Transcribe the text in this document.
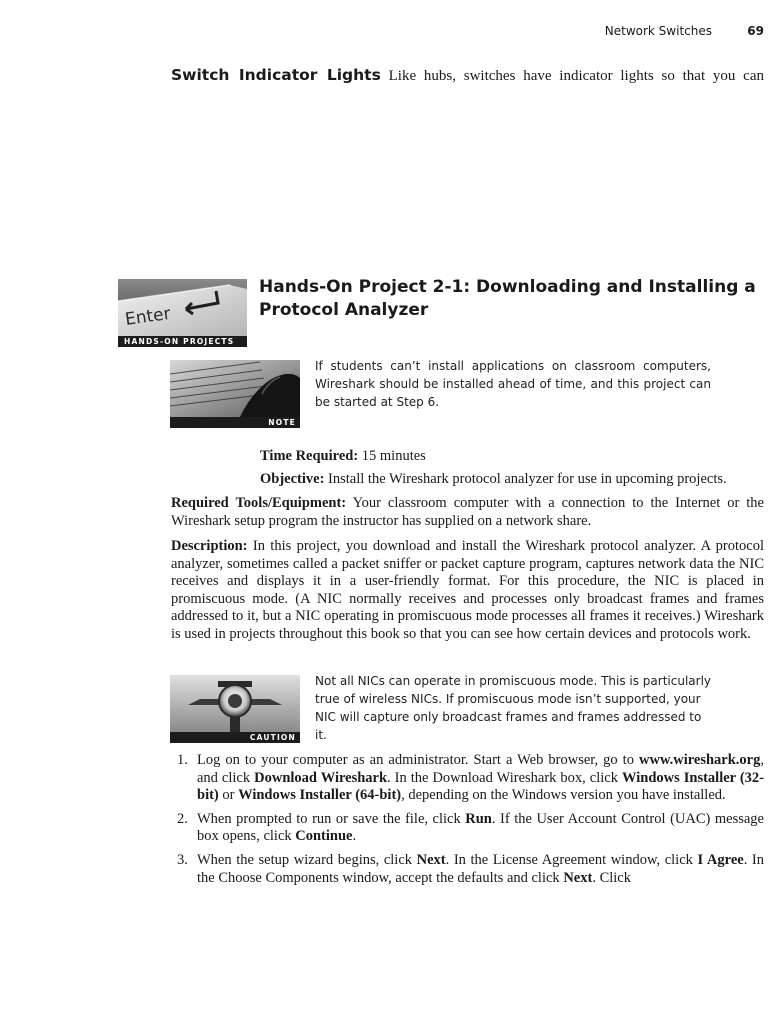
Network Switches	69
Switch Indicator Lights Like hubs, switches have indicator lights so that you can
Enter
HANDS-ON PROJECTS
Hands-On Project 2-1: Downloading and Installing a Protocol Analyzer
NOTE
If students can’t install applications on classroom computers, Wireshark should be installed ahead of time, and this project can be started at Step 6.
Time Required: 15 minutes
Objective: Install the Wireshark protocol analyzer for use in upcoming projects.
Required Tools/Equipment: Your classroom computer with a connection to the Internet or the Wireshark setup program the instructor has supplied on a network share.
Description: In this project, you download and install the Wireshark protocol analyzer. A protocol analyzer, sometimes called a packet sniffer or packet capture program, captures network data the NIC receives and displays it in a user-friendly format. For this procedure, the NIC is placed in promiscuous mode. (A NIC normally receives and processes only broadcast frames and frames addressed to it, but a NIC operating in promiscuous mode processes all frames it receives.) Wireshark is used in projects throughout this book so that you can see how certain devices and protocols work.
CAUTION
Not all NICs can operate in promiscuous mode. This is particularly true of wireless NICs. If promiscuous mode isn’t supported, your NIC will capture only broadcast frames and frames addressed to it.
1. Log on to your computer as an administrator. Start a Web browser, go to www.wireshark.org, and click Download Wireshark. In the Download Wireshark box, click Windows Installer (32-bit) or Windows Installer (64-bit), depending on the Windows version you have installed.
2. When prompted to run or save the file, click Run. If the User Account Control (UAC) message box opens, click Continue.
3. When the setup wizard begins, click Next. In the License Agreement window, click I Agree. In the Choose Components window, accept the defaults and click Next. Click
